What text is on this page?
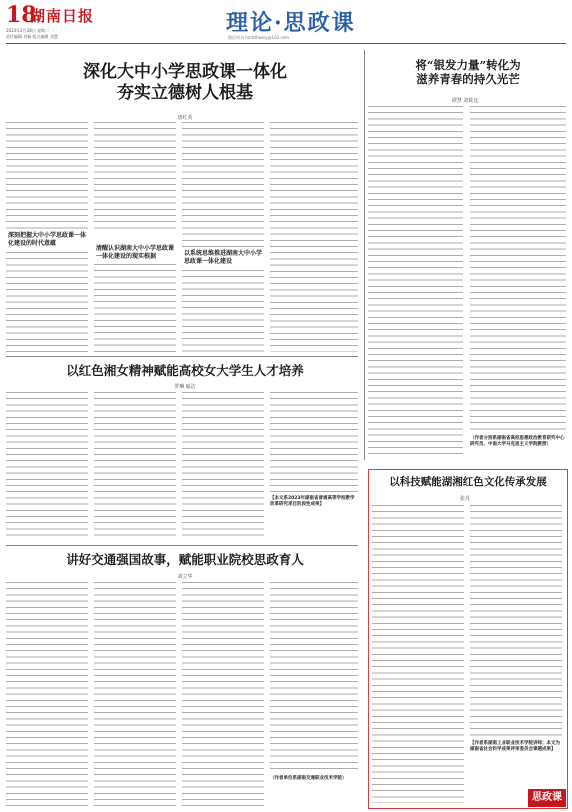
18
湖南日报
2023年2月28日 星期二
责任编辑 肖畅 版式编辑 刘慧
理论·思政课
理论周刊 hnrbtheory@163.com
深化大中小学思政课一体化
夯实立德树人根基
唐红英
深刻把握大中小学思政课一体化建设的时代意蕴
清醒认识湖南大中小学思政课一体化建设的现实根据	以系统思维推进湖南大中小学思政课一体化建设
将“银发力量”转化为
滋养青春的持久光芒
谭慧 刘筱比
（作者分别系湖南省高校思想政治教育研究中心研究员、中南大学马克思主义学院教授）
以红色湘女精神赋能高校女大学生人才培养
罗琳 喻洁
【本文系2023年湖南省普通高等学校教学改革研究项目阶段性成果】
讲好交通强国故事，赋能职业院校思政育人
刘立华
（作者单位系湖南交通职业技术学院）
以科技赋能湖湘红色文化传承发展
张丹
【作者系湖南工业职业技术学院讲师；本文为湖南省社会科学成果评审委员会课题成果】
思政课
